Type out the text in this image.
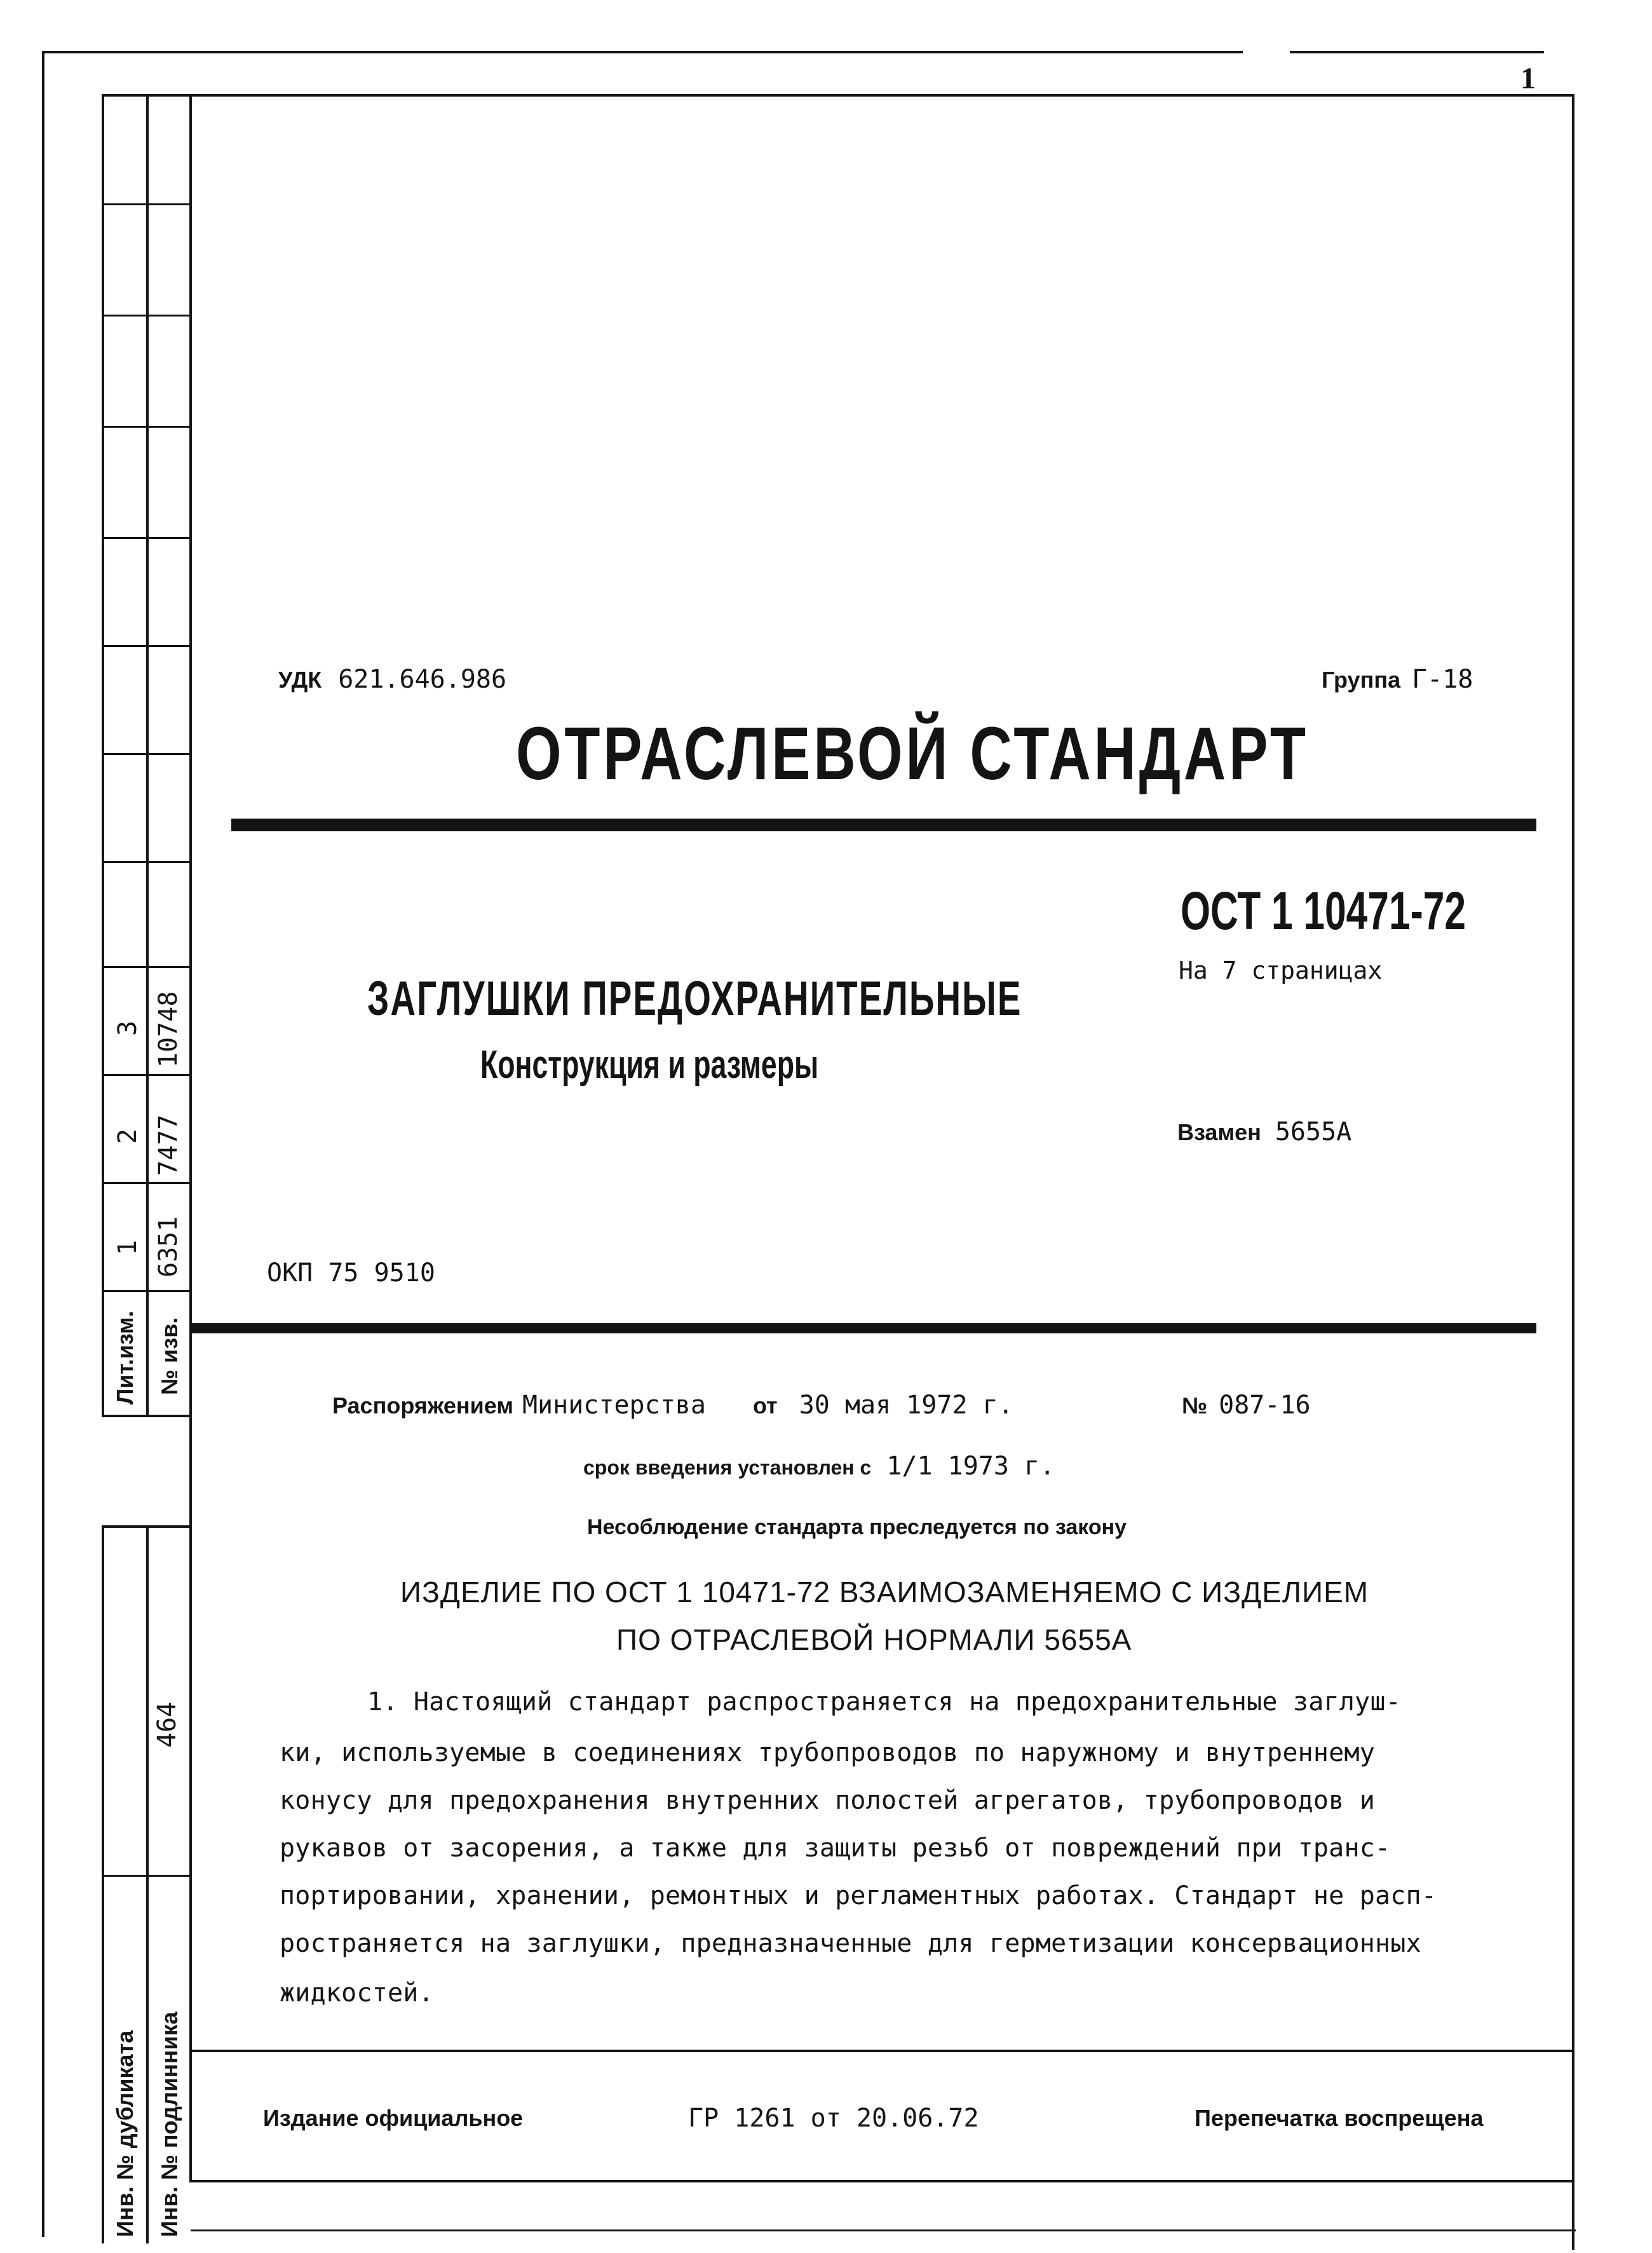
1
3 10748
2 7477
1 6351
Лит.изм. № изв.
464
Инв. № дубликата Инв. № подлинника
УДК 621.646.986	Группа Г-18
ОТРАСЛЕВОЙ СТАНДАРТ
ОСТ 1 10471-72
На 7 страницах
ЗАГЛУШКИ ПРЕДОХРАНИТЕЛЬНЫЕ
Конструкция и размеры
Взамен 5655А
ОКП 75 9510
Распоряжением Министерства от 30 мая 1972 г.	№ 087-16
срок введения установлен с 1/1 1973 г.
Несоблюдение стандарта преследуется по закону
ИЗДЕЛИЕ ПО ОСТ 1 10471-72 ВЗАИМОЗАМЕНЯЕМО С ИЗДЕЛИЕМ
ПО ОТРАСЛЕВОЙ НОРМАЛИ 5655А
1. Настоящий стандарт распространяется на предохранительные заглуш-
ки, используемые в соединениях трубопроводов по наружному и внутреннему
конусу для предохранения внутренних полостей агрегатов, трубопроводов и
рукавов от засорения, а также для защиты резьб от повреждений при транс-
портировании, хранении, ремонтных и регламентных работах. Стандарт не расп-
ространяется на заглушки, предназначенные для герметизации консервационных
жидкостей.
Издание официальное	ГР 1261 от 20.06.72	Перепечатка воспрещена
